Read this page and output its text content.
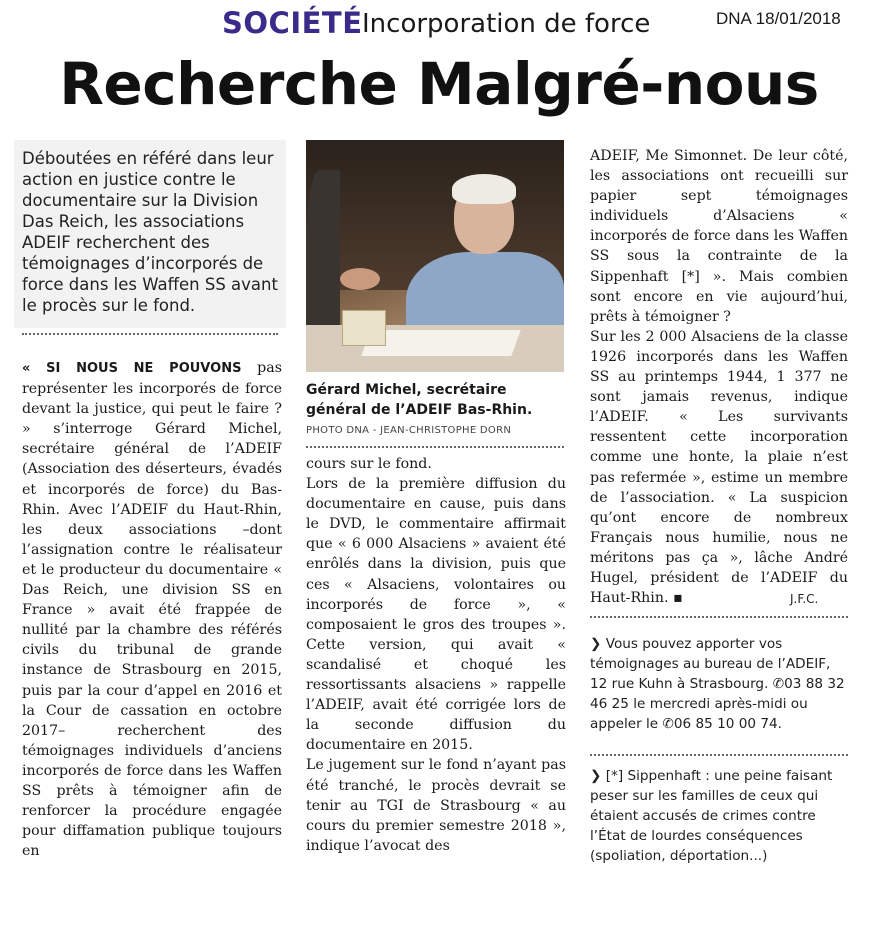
SOCIÉTÉ Incorporation de force	DNA 18/01/2018
Recherche Malgré-nous
Déboutées en référé dans leur action en justice contre le documentaire sur la Division Das Reich, les associations ADEIF recherchent des témoignages d’incorporés de force dans les Waffen SS avant le procès sur le fond.

« SI NOUS NE POUVONS pas représenter les incorporés de force devant la justice, qui peut le faire ? » s’interroge Gérard Michel, secrétaire général de l’ADEIF (Association des déserteurs, évadés et incorporés de force) du Bas-Rhin. Avec l’ADEIF du Haut-Rhin, les deux associations –dont l’assignation contre le réalisateur et le producteur du documentaire « Das Reich, une division SS en France » avait été frappée de nullité par la chambre des référés civils du tribunal de grande instance de Strasbourg en 2015, puis par la cour d’appel en 2016 et la Cour de cassation en octobre 2017– recherchent des témoignages individuels d’anciens incorporés de force dans les Waffen SS prêts à témoigner afin de renforcer la procédure engagée pour diffamation publique toujours en

Gérard Michel, secrétaire général de l’ADEIF Bas-Rhin.
PHOTO DNA - JEAN-CHRISTOPHE DORN

cours sur le fond.

Lors de la première diffusion du documentaire en cause, puis dans le DVD, le commentaire affirmait que « 6 000 Alsaciens » avaient été enrôlés dans la division, puis que ces « Alsaciens, volontaires ou incorporés de force », « composaient le gros des troupes ». Cette version, qui avait « scandalisé et choqué les ressortissants alsaciens » rappelle l’ADEIF, avait été corrigée lors de la seconde diffusion du documentaire en 2015.

Le jugement sur le fond n’ayant pas été tranché, le procès devrait se tenir au TGI de Strasbourg « au cours du premier semestre 2018 », indique l’avocat des

ADEIF, Me Simonnet. De leur côté, les associations ont recueilli sur papier sept témoignages individuels d’Alsaciens « incorporés de force dans les Waffen SS sous la contrainte de la Sippenhaft [*] ». Mais combien sont encore en vie aujourd’hui, prêts à témoigner ?

Sur les 2 000 Alsaciens de la classe 1926 incorporés dans les Waffen SS au printemps 1944, 1 377 ne sont jamais revenus, indique l’ADEIF. « Les survivants ressentent cette incorporation comme une honte, la plaie n’est pas refermée », estime un membre de l’association. « La suspicion qu’ont encore de nombreux Français nous humilie, nous ne méritons pas ça », lâche André Hugel, président de l’ADEIF du Haut-Rhin. ▪	J.F.C.
❯ Vous pouvez apporter vos témoignages au bureau de l’ADEIF, 12 rue Kuhn à Strasbourg. ✆03 88 32 46 25 le mercredi après-midi ou appeler le ✆06 85 10 00 74.
❯ [*] Sippenhaft : une peine faisant peser sur les familles de ceux qui étaient accusés de crimes contre l’État de lourdes conséquences (spoliation, déportation...)
